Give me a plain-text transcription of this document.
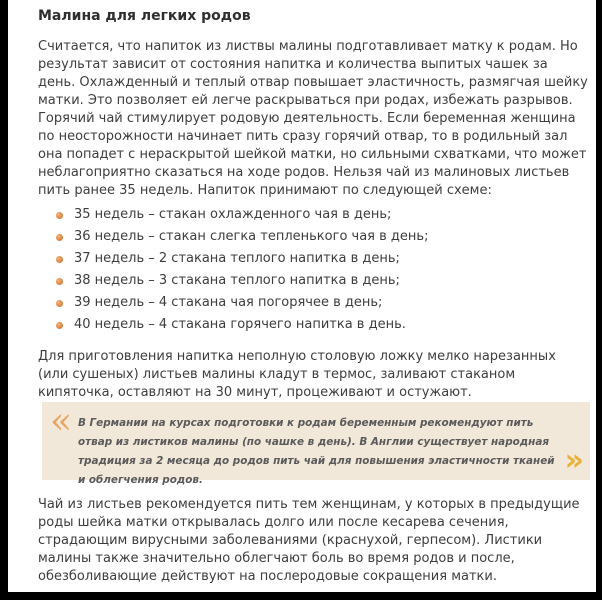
Малина для легких родов

Считается, что напиток из листвы малины подготавливает матку к родам. Но результат зависит от состояния напитка и количества выпитых чашек за день. Охлажденный и теплый отвар повышает эластичность, размягчая шейку матки. Это позволяет ей легче раскрываться при родах, избежать разрывов. Горячий чай стимулирует родовую деятельность. Если беременная женщина по неосторожности начинает пить сразу горячий отвар, то в родильный зал она попадет с нераскрытой шейкой матки, но сильными схватками, что может неблагоприятно сказаться на ходе родов. Нельзя чай из малиновых листьев пить ранее 35 недель. Напиток принимают по следующей схеме:

35 недель – стакан охлажденного чая в день;
36 недель – стакан слегка тепленького чая в день;
37 недель – 2 стакана теплого напитка в день;
38 недель – 3 стакана теплого напитка в день;
39 недель – 4 стакана чая погорячее в день;
40 недель – 4 стакана горячего напитка в день.

Для приготовления напитка неполную столовую ложку мелко нарезанных (или сушеных) листьев малины кладут в термос, заливают стаканом кипяточка, оставляют на 30 минут, процеживают и остужают.

« В Германии на курсах подготовки к родам беременным рекомендуют пить отвар из листиков малины (по чашке в день). В Англии существует народная традиция за 2 месяца до родов пить чай для повышения эластичности тканей и облегчения родов.

»

Чай из листьев рекомендуется пить тем женщинам, у которых в предыдущие роды шейка матки открывалась долго или после кесарева сечения, страдающим вирусными заболеваниями (краснухой, герпесом). Листики малины также значительно облегчают боль во время родов и после, обезболивающие действуют на послеродовые сокращения матки.
